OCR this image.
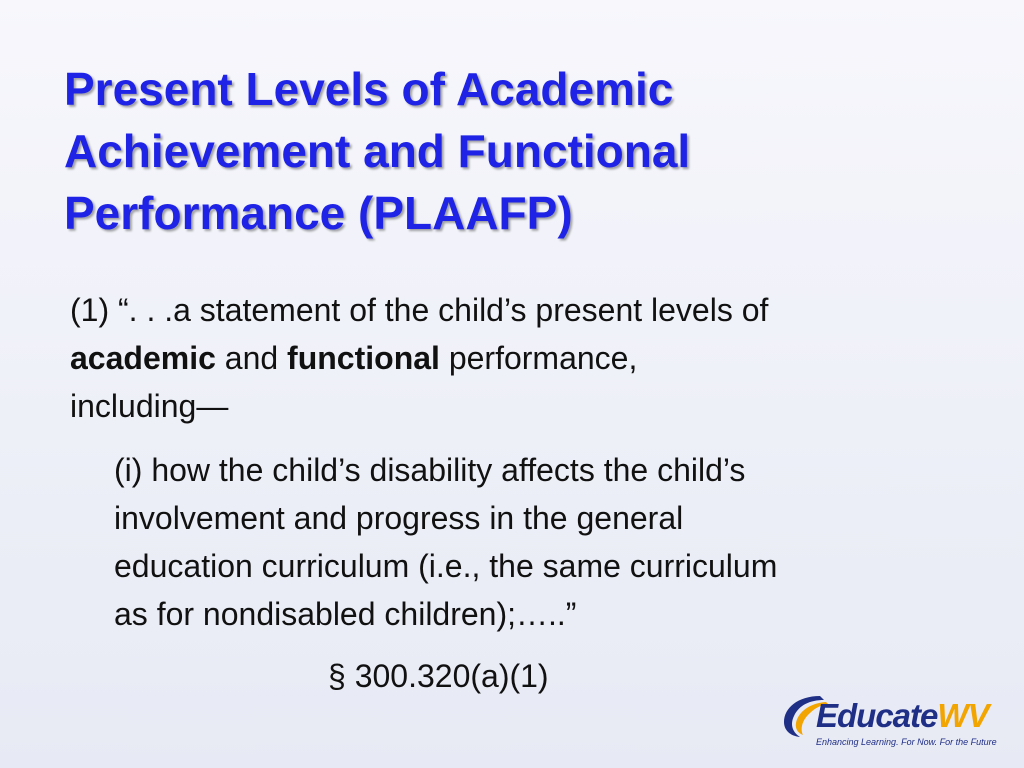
Present Levels of Academic
Achievement and Functional
Performance (PLAAFP)

(1) “. . .a statement of the child’s present levels of
academic and functional performance,
including—

(i) how the child’s disability affects the child’s
involvement and progress in the general
education curriculum (i.e., the same curriculum
as for nondisabled children);…..”

§ 300.320(a)(1)
EducateWV
Enhancing Learning. For Now. For the Future
